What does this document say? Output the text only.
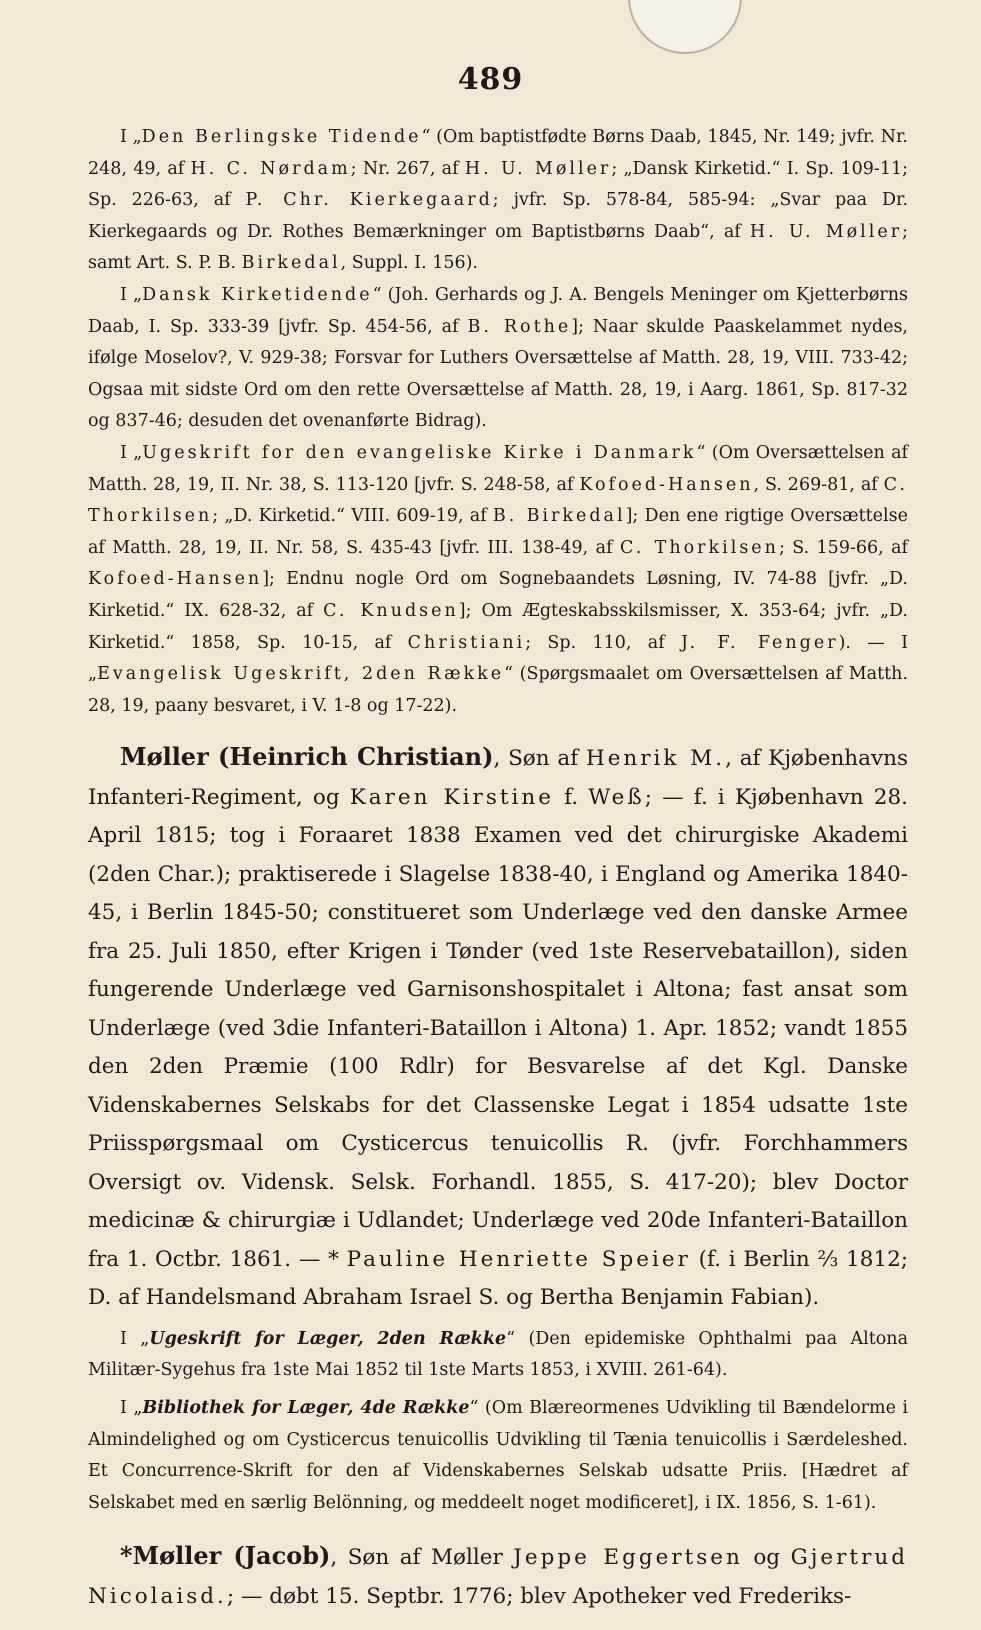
489

I „Den Berlingske Tidende“ (Om baptistfødte Børns Daab, 1845, Nr. 149; jvfr. Nr. 248, 49, af H. C. Nørdam; Nr. 267, af H. U. Møller; „Dansk Kirketid.“ I. Sp. 109-11; Sp. 226-63, af P. Chr. Kierkegaard; jvfr. Sp. 578-84, 585-94: „Svar paa Dr. Kierkegaards og Dr. Rothes Bemærkninger om Baptistbørns Daab“, af H. U. Møller; samt Art. S. P. B. Birkedal, Suppl. I. 156).

I „Dansk Kirketidende“ (Joh. Gerhards og J. A. Bengels Meninger om Kjetterbørns Daab, I. Sp. 333-39 [jvfr. Sp. 454-56, af B. Rothe]; Naar skulde Paaskelammet nydes, ifølge Moselov?, V. 929-38; Forsvar for Luthers Oversættelse af Matth. 28, 19, VIII. 733-42; Ogsaa mit sidste Ord om den rette Oversættelse af Matth. 28, 19, i Aarg. 1861, Sp. 817-32 og 837-46; desuden det ovenanførte Bidrag).

I „Ugeskrift for den evangeliske Kirke i Danmark“ (Om Oversættelsen af Matth. 28, 19, II. Nr. 38, S. 113-120 [jvfr. S. 248-58, af Kofoed-Hansen, S. 269-81, af C. Thorkilsen; „D. Kirketid.“ VIII. 609-19, af B. Birkedal]; Den ene rigtige Oversættelse af Matth. 28, 19, II. Nr. 58, S. 435-43 [jvfr. III. 138-49, af C. Thorkilsen; S. 159-66, af Kofoed-Hansen]; Endnu nogle Ord om Sognebaandets Løsning, IV. 74-88 [jvfr. „D. Kirketid.“ IX. 628-32, af C. Knudsen]; Om Ægteskabsskilsmisser, X. 353-64; jvfr. „D. Kirketid.“ 1858, Sp. 10-15, af Christiani; Sp. 110, af J. F. Fenger). — I „Evangelisk Ugeskrift, 2den Række“ (Spørgsmaalet om Oversættelsen af Matth. 28, 19, paany besvaret, i V. 1-8 og 17-22).

Møller (Heinrich Christian), Søn af Henrik M., af Kjøbenhavns Infanteri-Regiment, og Karen Kirstine f. Weß; — f. i Kjøbenhavn 28. April 1815; tog i Foraaret 1838 Examen ved det chirurgiske Akademi (2den Char.); praktiserede i Slagelse 1838-40, i England og Amerika 1840-45, i Berlin 1845-50; constitueret som Underlæge ved den danske Armee fra 25. Juli 1850, efter Krigen i Tønder (ved 1ste Reservebataillon), siden fungerende Underlæge ved Garnisonshospitalet i Altona; fast ansat som Underlæge (ved 3die Infanteri-Bataillon i Altona) 1. Apr. 1852; vandt 1855 den 2den Præmie (100 Rdlr) for Besvarelse af det Kgl. Danske Videnskabernes Selskabs for det Classenske Legat i 1854 udsatte 1ste Priisspørgsmaal om Cysticercus tenuicollis R. (jvfr. Forchhammers Oversigt ov. Vidensk. Selsk. Forhandl. 1855, S. 417-20); blev Doctor medicinæ & chirurgiæ i Udlandet; Underlæge ved 20de Infanteri-Bataillon fra 1. Octbr. 1861. — * Pauline Henriette Speier (f. i Berlin ⅔ 1812; D. af Handelsmand Abraham Israel S. og Bertha Benjamin Fabian).

I „Ugeskrift for Læger, 2den Række“ (Den epidemiske Ophthalmi paa Altona Militær-Sygehus fra 1ste Mai 1852 til 1ste Marts 1853, i XVIII. 261-64).

I „Bibliothek for Læger, 4de Række“ (Om Blæreormenes Udvikling til Bændelorme i Almindelighed og om Cysticercus tenuicollis Udvikling til Tænia tenuicollis i Særdeleshed. Et Concurrence-Skrift for den af Videnskabernes Selskab udsatte Priis. [Hædret af Selskabet med en særlig Belönning, og meddeelt noget modificeret], i IX. 1856, S. 1-61).

*Møller (Jacob), Søn af Møller Jeppe Eggertsen og Gjertrud Nicolaisd.; — døbt 15. Septbr. 1776; blev Apotheker ved Frederiks-
